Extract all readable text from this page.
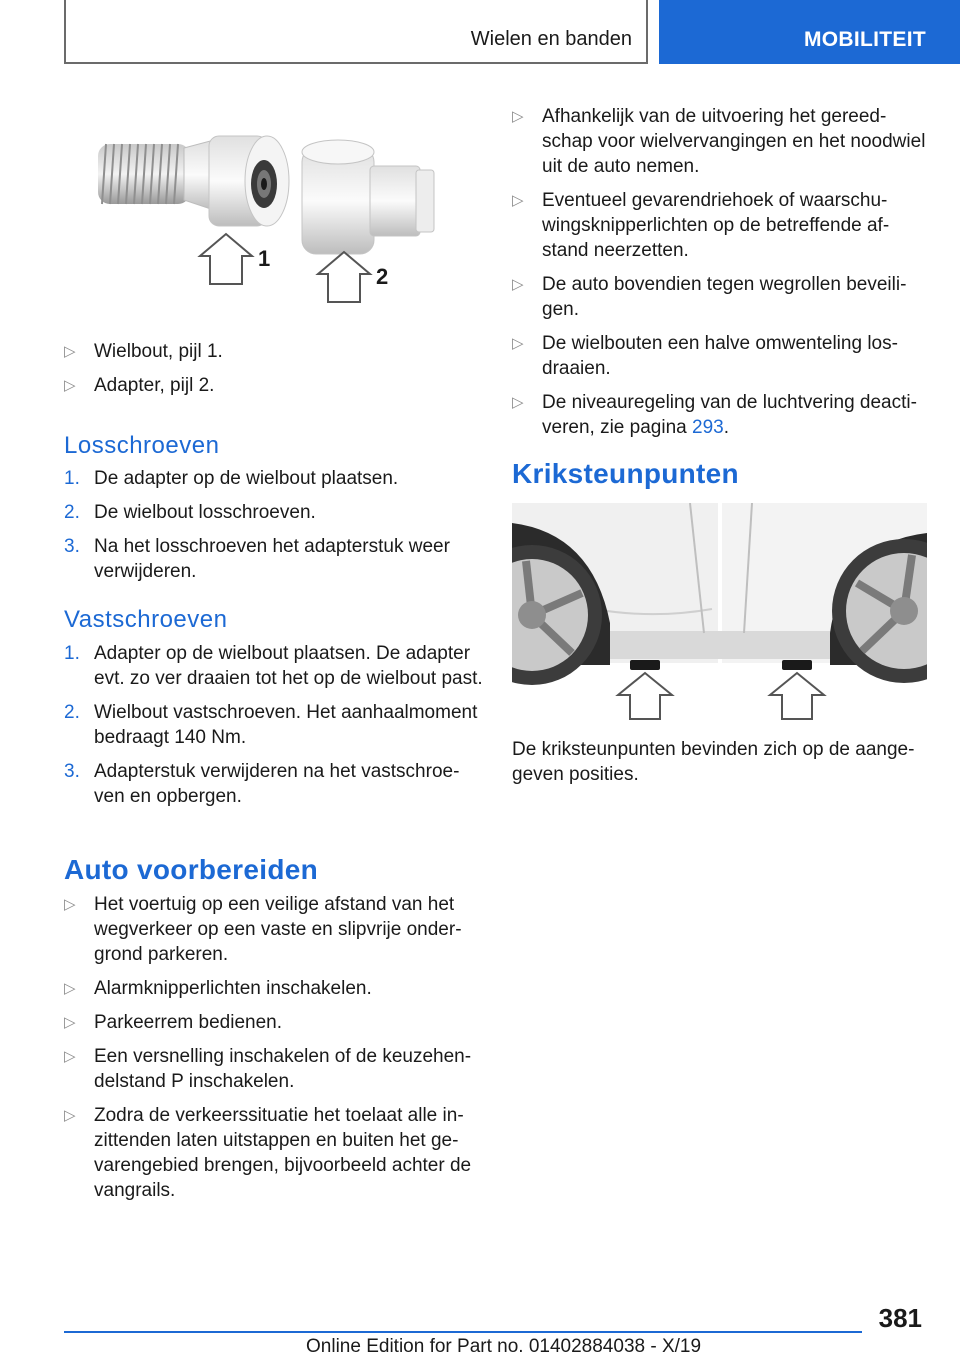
Wielen en banden	MOBILITEIT
1
2
▷ Wielbout, pijl 1.
▷ Adapter, pijl 2.
Losschroeven
1. De adapter op de wielbout plaatsen.
2. De wielbout losschroeven.
3. Na het losschroeven het adapterstuk weer verwijderen.
Vastschroeven
1. Adapter op de wielbout plaatsen. De adapter evt. zo ver draaien tot het op de wielbout past.
2. Wielbout vastschroeven. Het aanhaalmoment bedraagt 140 Nm.
3. Adapterstuk verwijderen na het vastschroe-ven en opbergen.
Auto voorbereiden
▷ Het voertuig op een veilige afstand van het wegverkeer op een vaste en slipvrije onder-grond parkeren.
▷ Alarmknipperlichten inschakelen.
▷ Parkeerrem bedienen.
▷ Een versnelling inschakelen of de keuzehen-delstand P inschakelen.
▷ Zodra de verkeerssituatie het toelaat alle in-zittenden laten uitstappen en buiten het ge-varengebied brengen, bijvoorbeeld achter de vangrails.
▷ Afhankelijk van de uitvoering het gereed-schap voor wielvervangingen en het noodwiel uit de auto nemen.
▷ Eventueel gevarendriehoek of waarschu-wingsknipperlichten op de betreffende af-stand neerzetten.
▷ De auto bovendien tegen wegrollen beveili-gen.
▷ De wielbouten een halve omwenteling los-draaien.
▷ De niveauregeling van de luchtvering deacti-veren, zie pagina 293.
Kriksteunpunten

De kriksteunpunten bevinden zich op de aange-geven posities.

381
Online Edition for Part no. 01402884038 - X/19
